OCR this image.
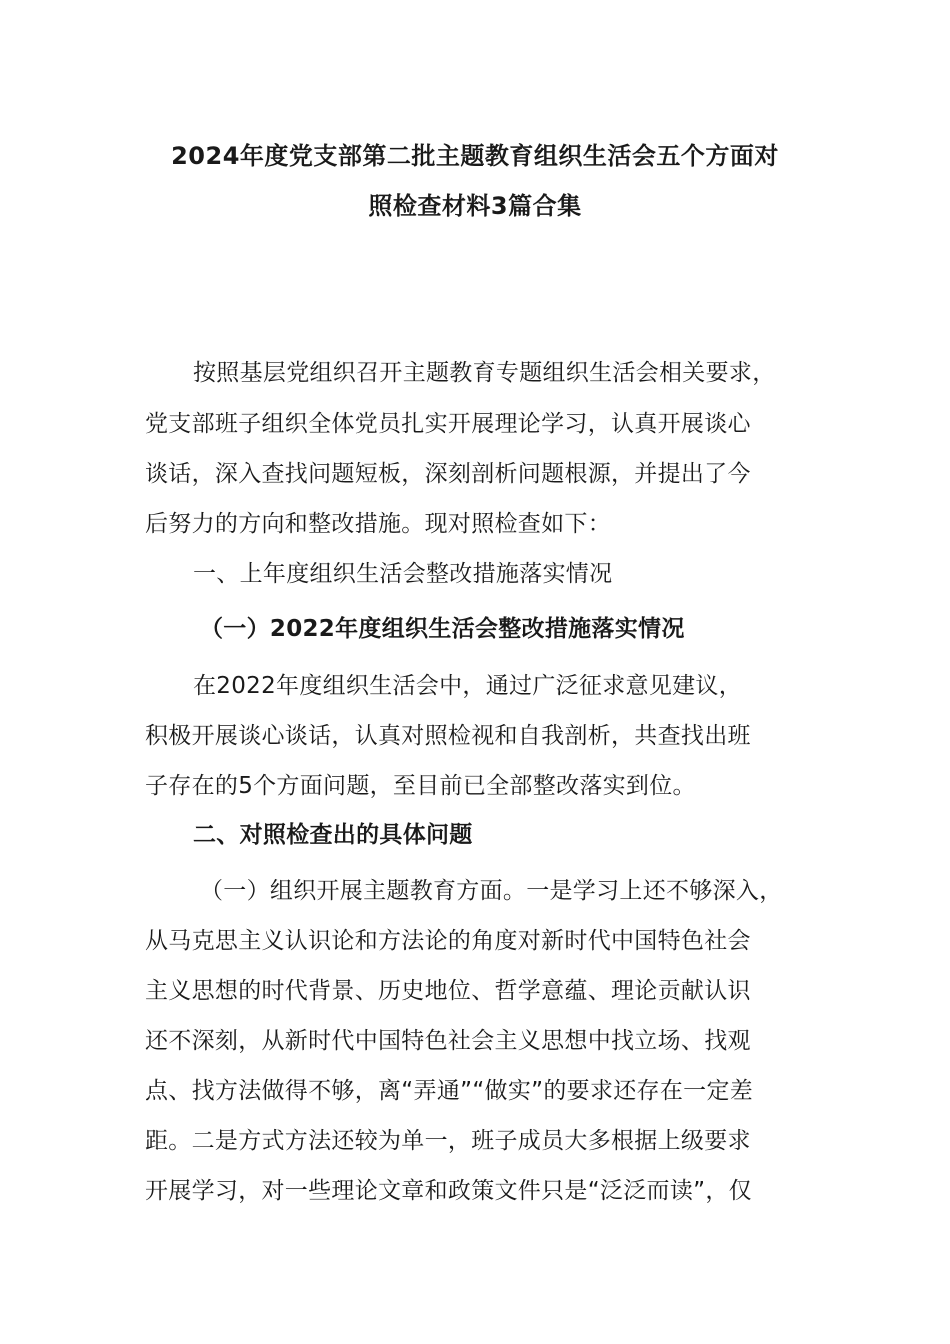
2024年度党支部第二批主题教育组织生活会五个方面对
照检查材料3篇合集
按照基层党组织召开主题教育专题组织生活会相关要求，
党支部班子组织全体党员扎实开展理论学习，认真开展谈心
谈话，深入查找问题短板，深刻剖析问题根源，并提出了今
后努力的方向和整改措施。现对照检查如下：
一、上年度组织生活会整改措施落实情况
（一）2022年度组织生活会整改措施落实情况
在2022年度组织生活会中，通过广泛征求意见建议，
积极开展谈心谈话，认真对照检视和自我剖析，共查找出班
子存在的5个方面问题，至目前已全部整改落实到位。
二、对照检查出的具体问题
（一）组织开展主题教育方面。一是学习上还不够深入，
从马克思主义认识论和方法论的角度对新时代中国特色社会
主义思想的时代背景、历史地位、哲学意蕴、理论贡献认识
还不深刻，从新时代中国特色社会主义思想中找立场、找观
点、找方法做得不够，离“弄通”“做实”的要求还存在一定差
距。二是方式方法还较为单一，班子成员大多根据上级要求
开展学习，对一些理论文章和政策文件只是“泛泛而读”，仅
